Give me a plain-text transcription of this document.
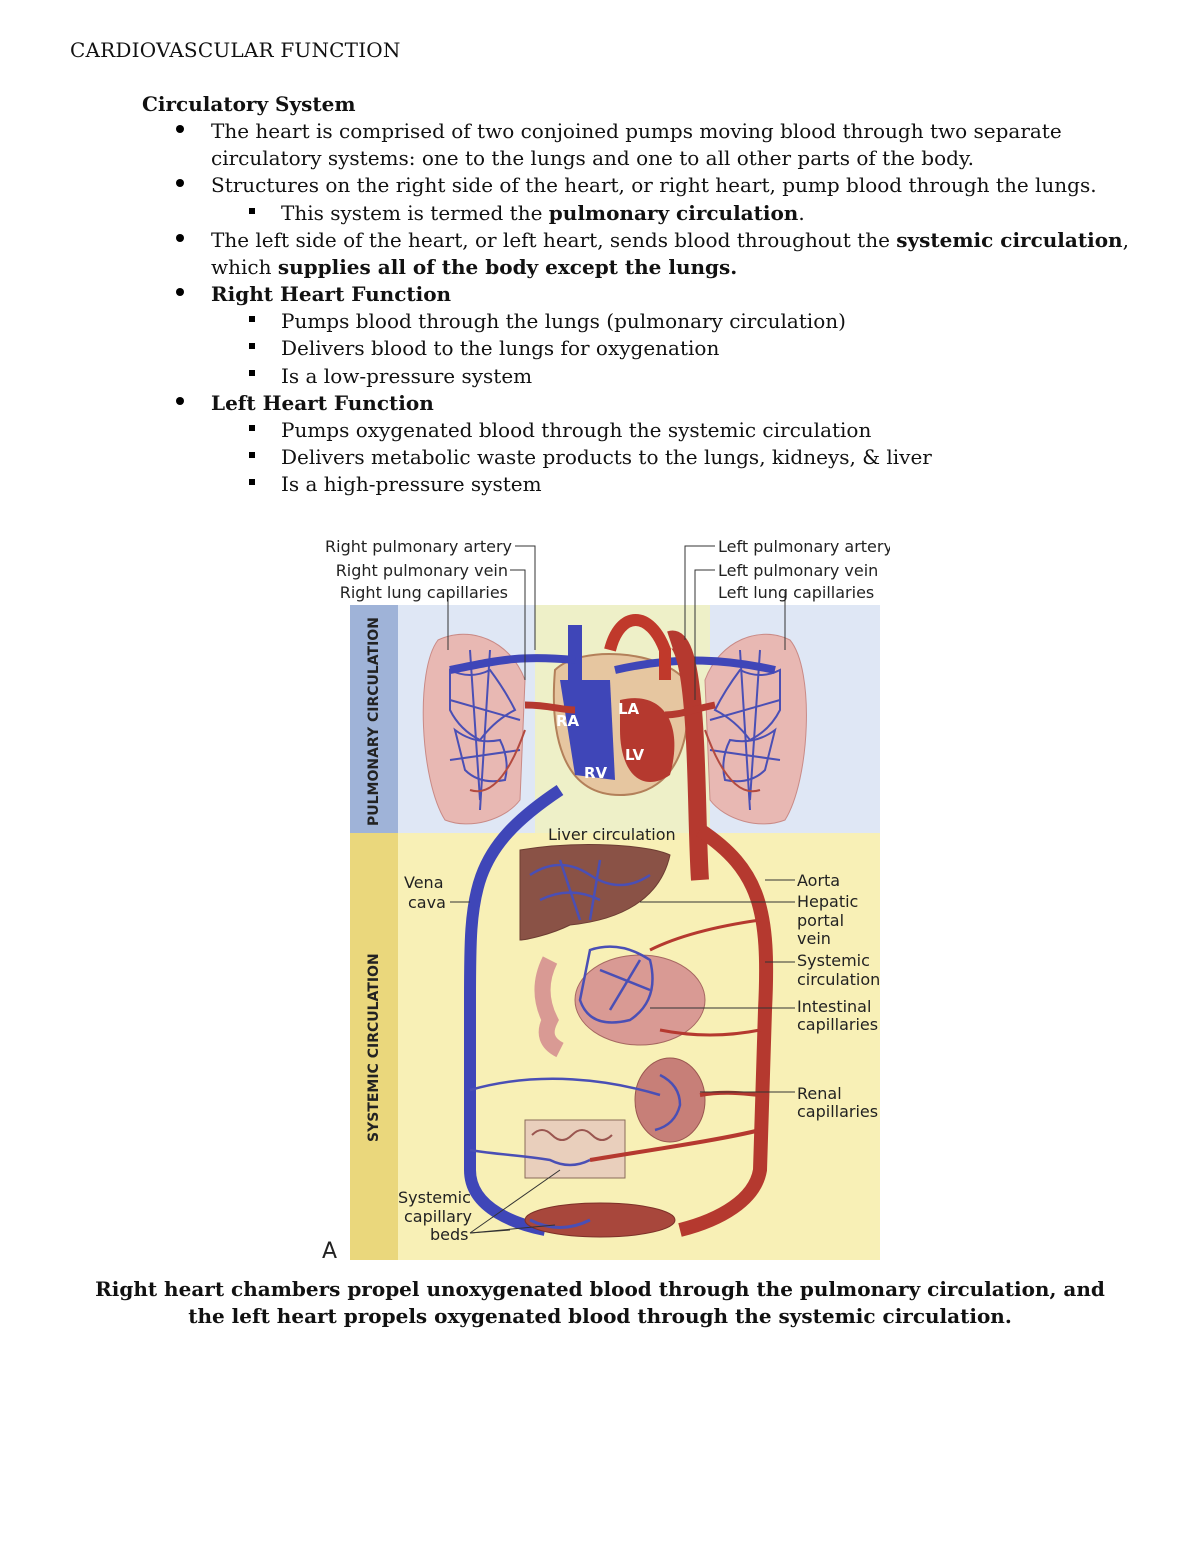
CARDIOVASCULAR FUNCTION
Circulatory System
The heart is comprised of two conjoined pumps moving blood through two separate
circulatory systems: one to the lungs and one to all other parts of the body.
Structures on the right side of the heart, or right heart, pump blood through the lungs.
This system is termed the pulmonary circulation.
The left side of the heart, or left heart, sends blood throughout the systemic circulation,
which supplies all of the body except the lungs.
Right Heart Function
Pumps blood through the lungs (pulmonary circulation)
Delivers blood to the lungs for oxygenation
Is a low-pressure system
Left Heart Function
Pumps oxygenated blood through the systemic circulation
Delivers metabolic waste products to the lungs, kidneys, & liver
Is a high-pressure system
PULMONARY CIRCULATION
SYSTEMIC CIRCULATION
RA
LA
RV
LV
Right pulmonary artery
Right pulmonary vein
Right lung capillaries
Left pulmonary artery
Left pulmonary vein
Left lung capillaries
Liver circulation
Vena
cava
Aorta
Hepatic
portal
vein
Systemic
circulation
Intestinal
capillaries
Renal
capillaries
Systemic
capillary
beds
A
Right heart chambers propel unoxygenated blood through the pulmonary circulation, and
the left heart propels oxygenated blood through the systemic circulation.
